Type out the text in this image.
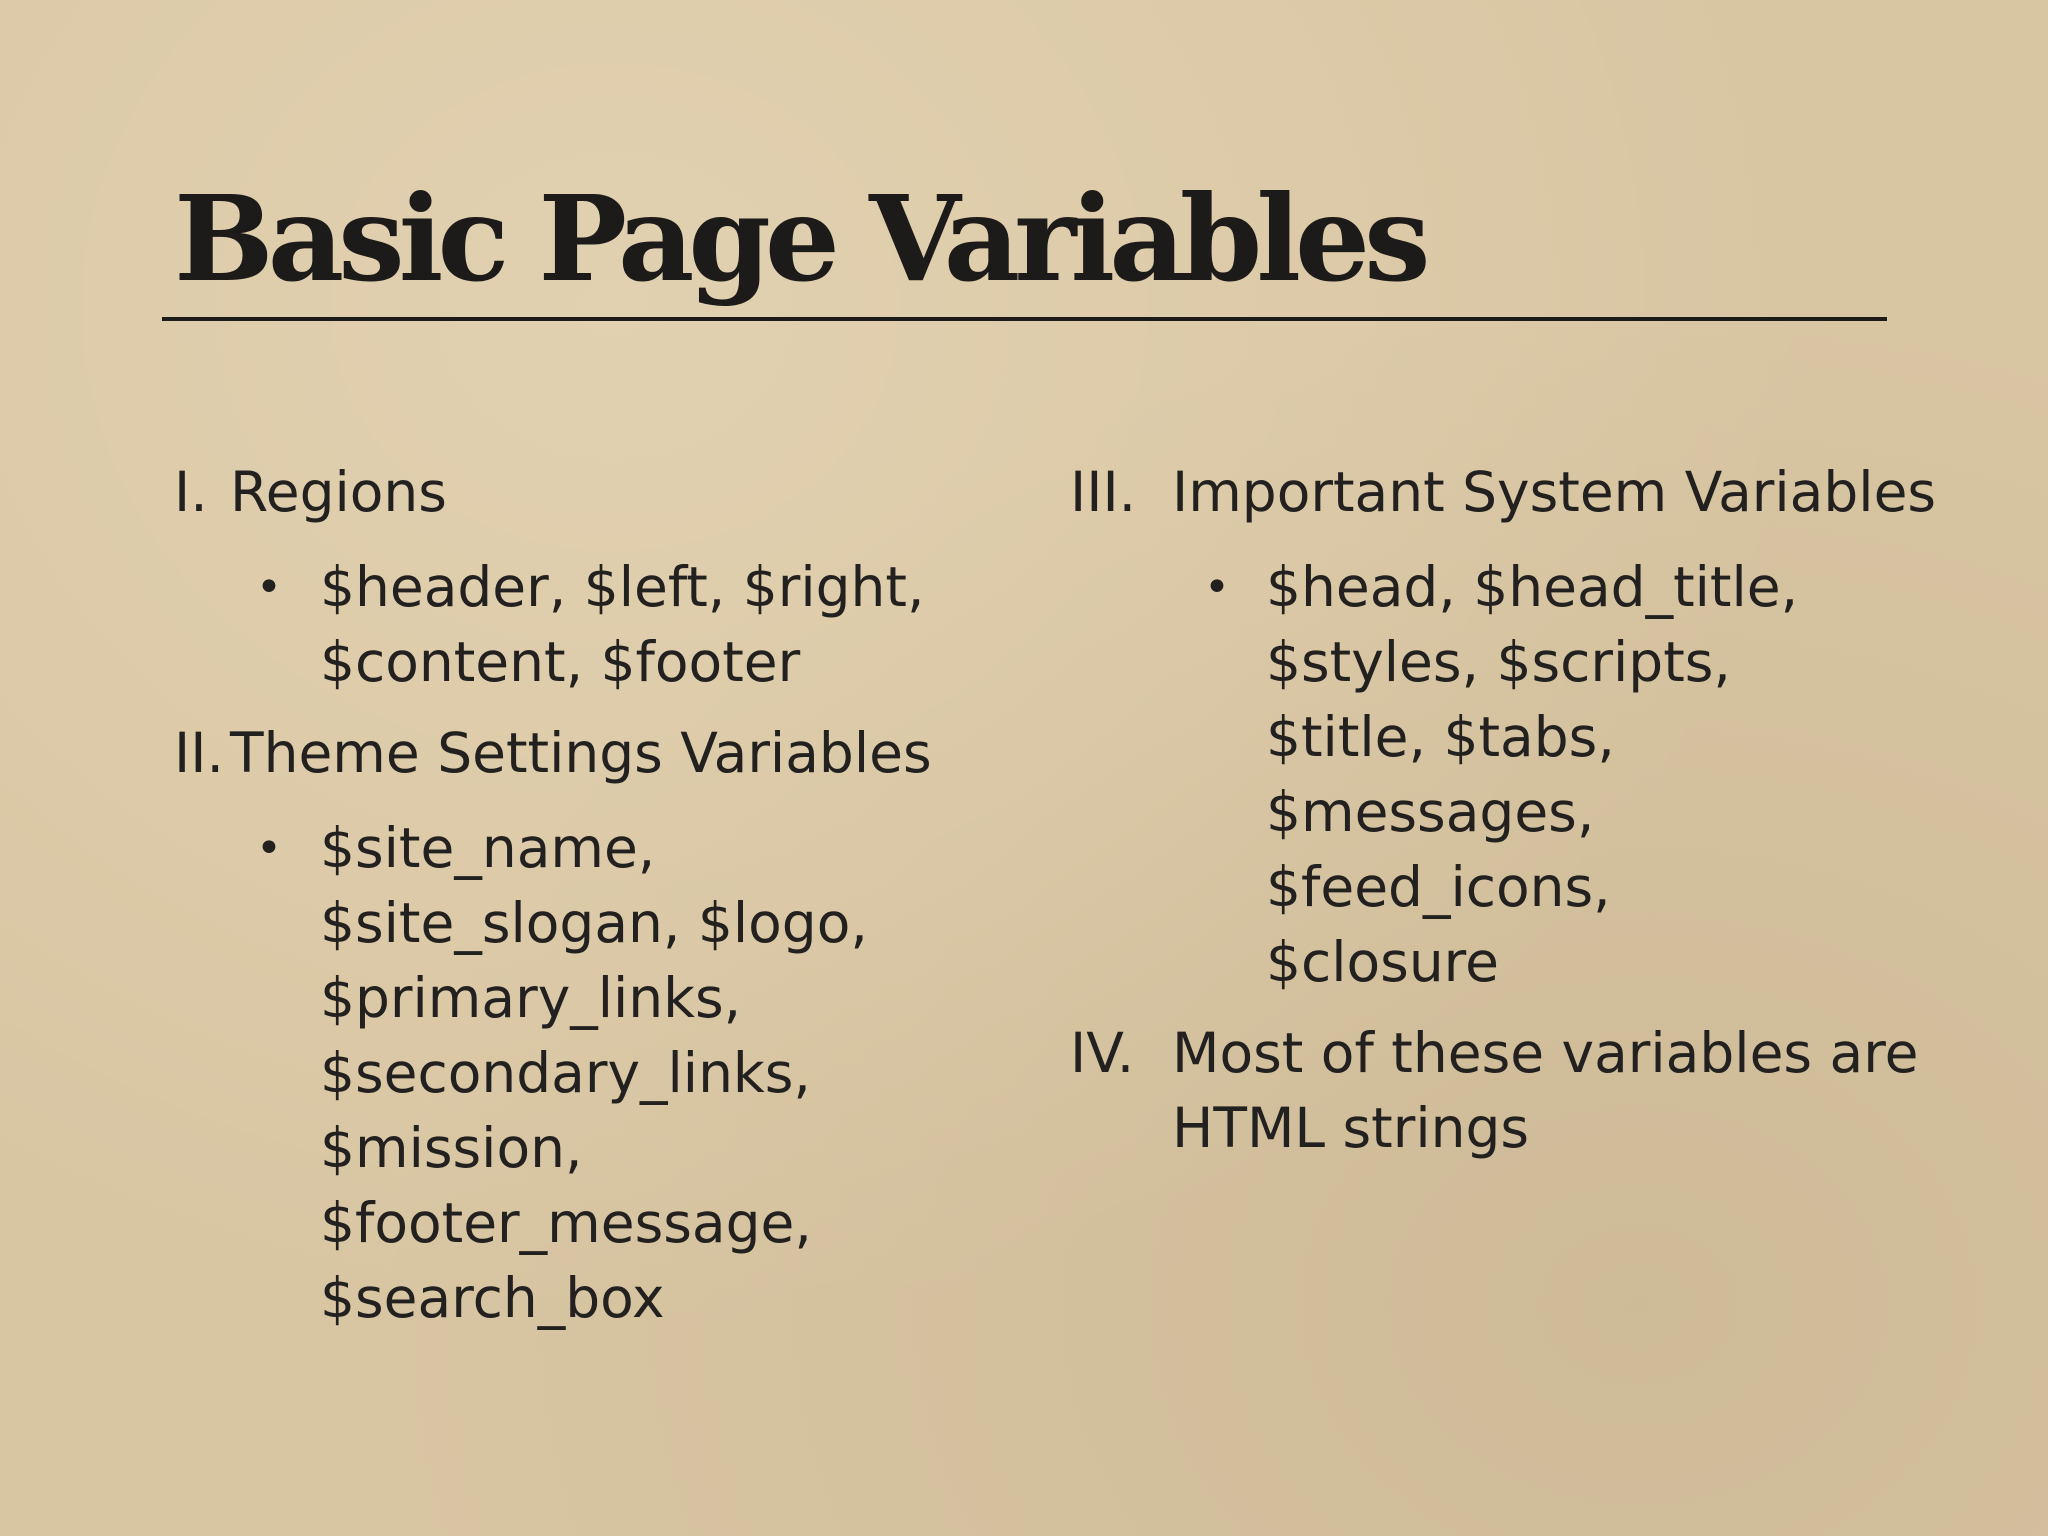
Basic Page Variables
I. Regions
• $header, $left, $right,
$content, $footer
II. Theme Settings Variables
• $site_name,
$site_slogan, $logo,
$primary_links,
$secondary_links,
$mission,
$footer_message,
$search_box
III. Important System Variables
• $head, $head_title,
$styles, $scripts,
$title, $tabs,
$messages,
$feed_icons,
$closure
IV. Most of these variables are HTML strings
